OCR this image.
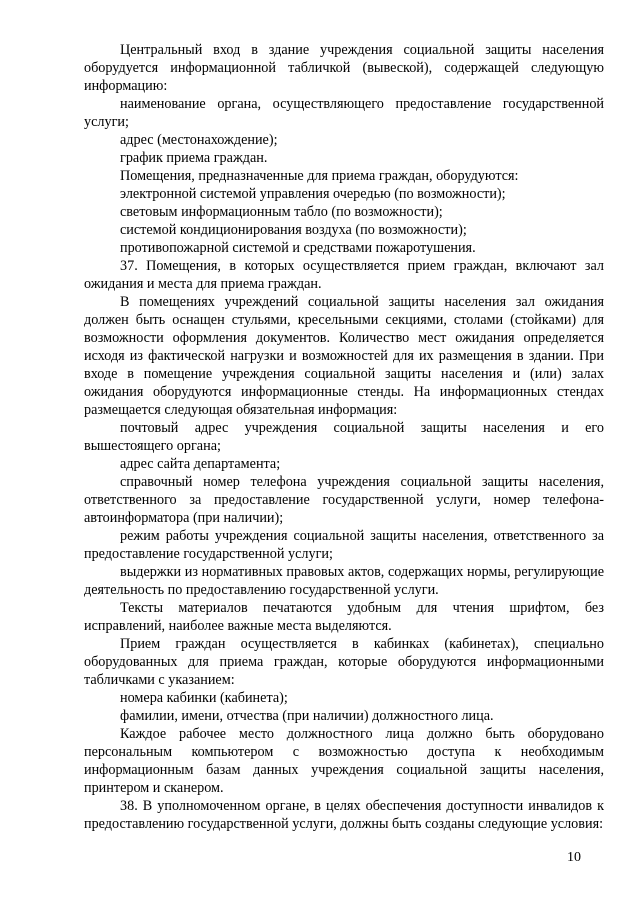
Центральный вход в здание учреждения социальной защиты населения оборудуется информационной табличкой (вывеской), содержащей следующую информацию:

наименование органа, осуществляющего предоставление государственной услуги;

адрес (местонахождение);

график приема граждан.

Помещения, предназначенные для приема граждан, оборудуются:

электронной системой управления очередью (по возможности);

световым информационным табло (по возможности);

системой кондиционирования воздуха (по возможности);

противопожарной системой и средствами пожаротушения.

37. Помещения, в которых осуществляется прием граждан, включают зал ожидания и места для приема граждан.

В помещениях учреждений социальной защиты населения зал ожидания должен быть оснащен стульями, кресельными секциями, столами (стойками) для возможности оформления документов. Количество мест ожидания определяется исходя из фактической нагрузки и возможностей для их размещения в здании. При входе в помещение учреждения социальной защиты населения и (или) залах ожидания оборудуются информационные стенды. На информационных стендах размещается следующая обязательная информация:

почтовый адрес учреждения социальной защиты населения и его вышестоящего органа;

адрес сайта департамента;

справочный номер телефона учреждения социальной защиты населения, ответственного за предоставление государственной услуги, номер телефона-автоинформатора (при наличии);

режим работы учреждения социальной защиты населения, ответственного за предоставление государственной услуги;

выдержки из нормативных правовых актов, содержащих нормы, регулирующие деятельность по предоставлению государственной услуги.

Тексты материалов печатаются удобным для чтения шрифтом, без исправлений, наиболее важные места выделяются.

Прием граждан осуществляется в кабинках (кабинетах), специально оборудованных для приема граждан, которые оборудуются информационными табличками с указанием:

номера кабинки (кабинета);

фамилии, имени, отчества (при наличии) должностного лица.

Каждое рабочее место должностного лица должно быть оборудовано персональным компьютером с возможностью доступа к необходимым информационным базам данных учреждения социальной защиты населения, принтером и сканером.

38. В уполномоченном органе, в целях обеспечения доступности инвалидов к предоставлению государственной услуги, должны быть созданы следующие условия:

10
